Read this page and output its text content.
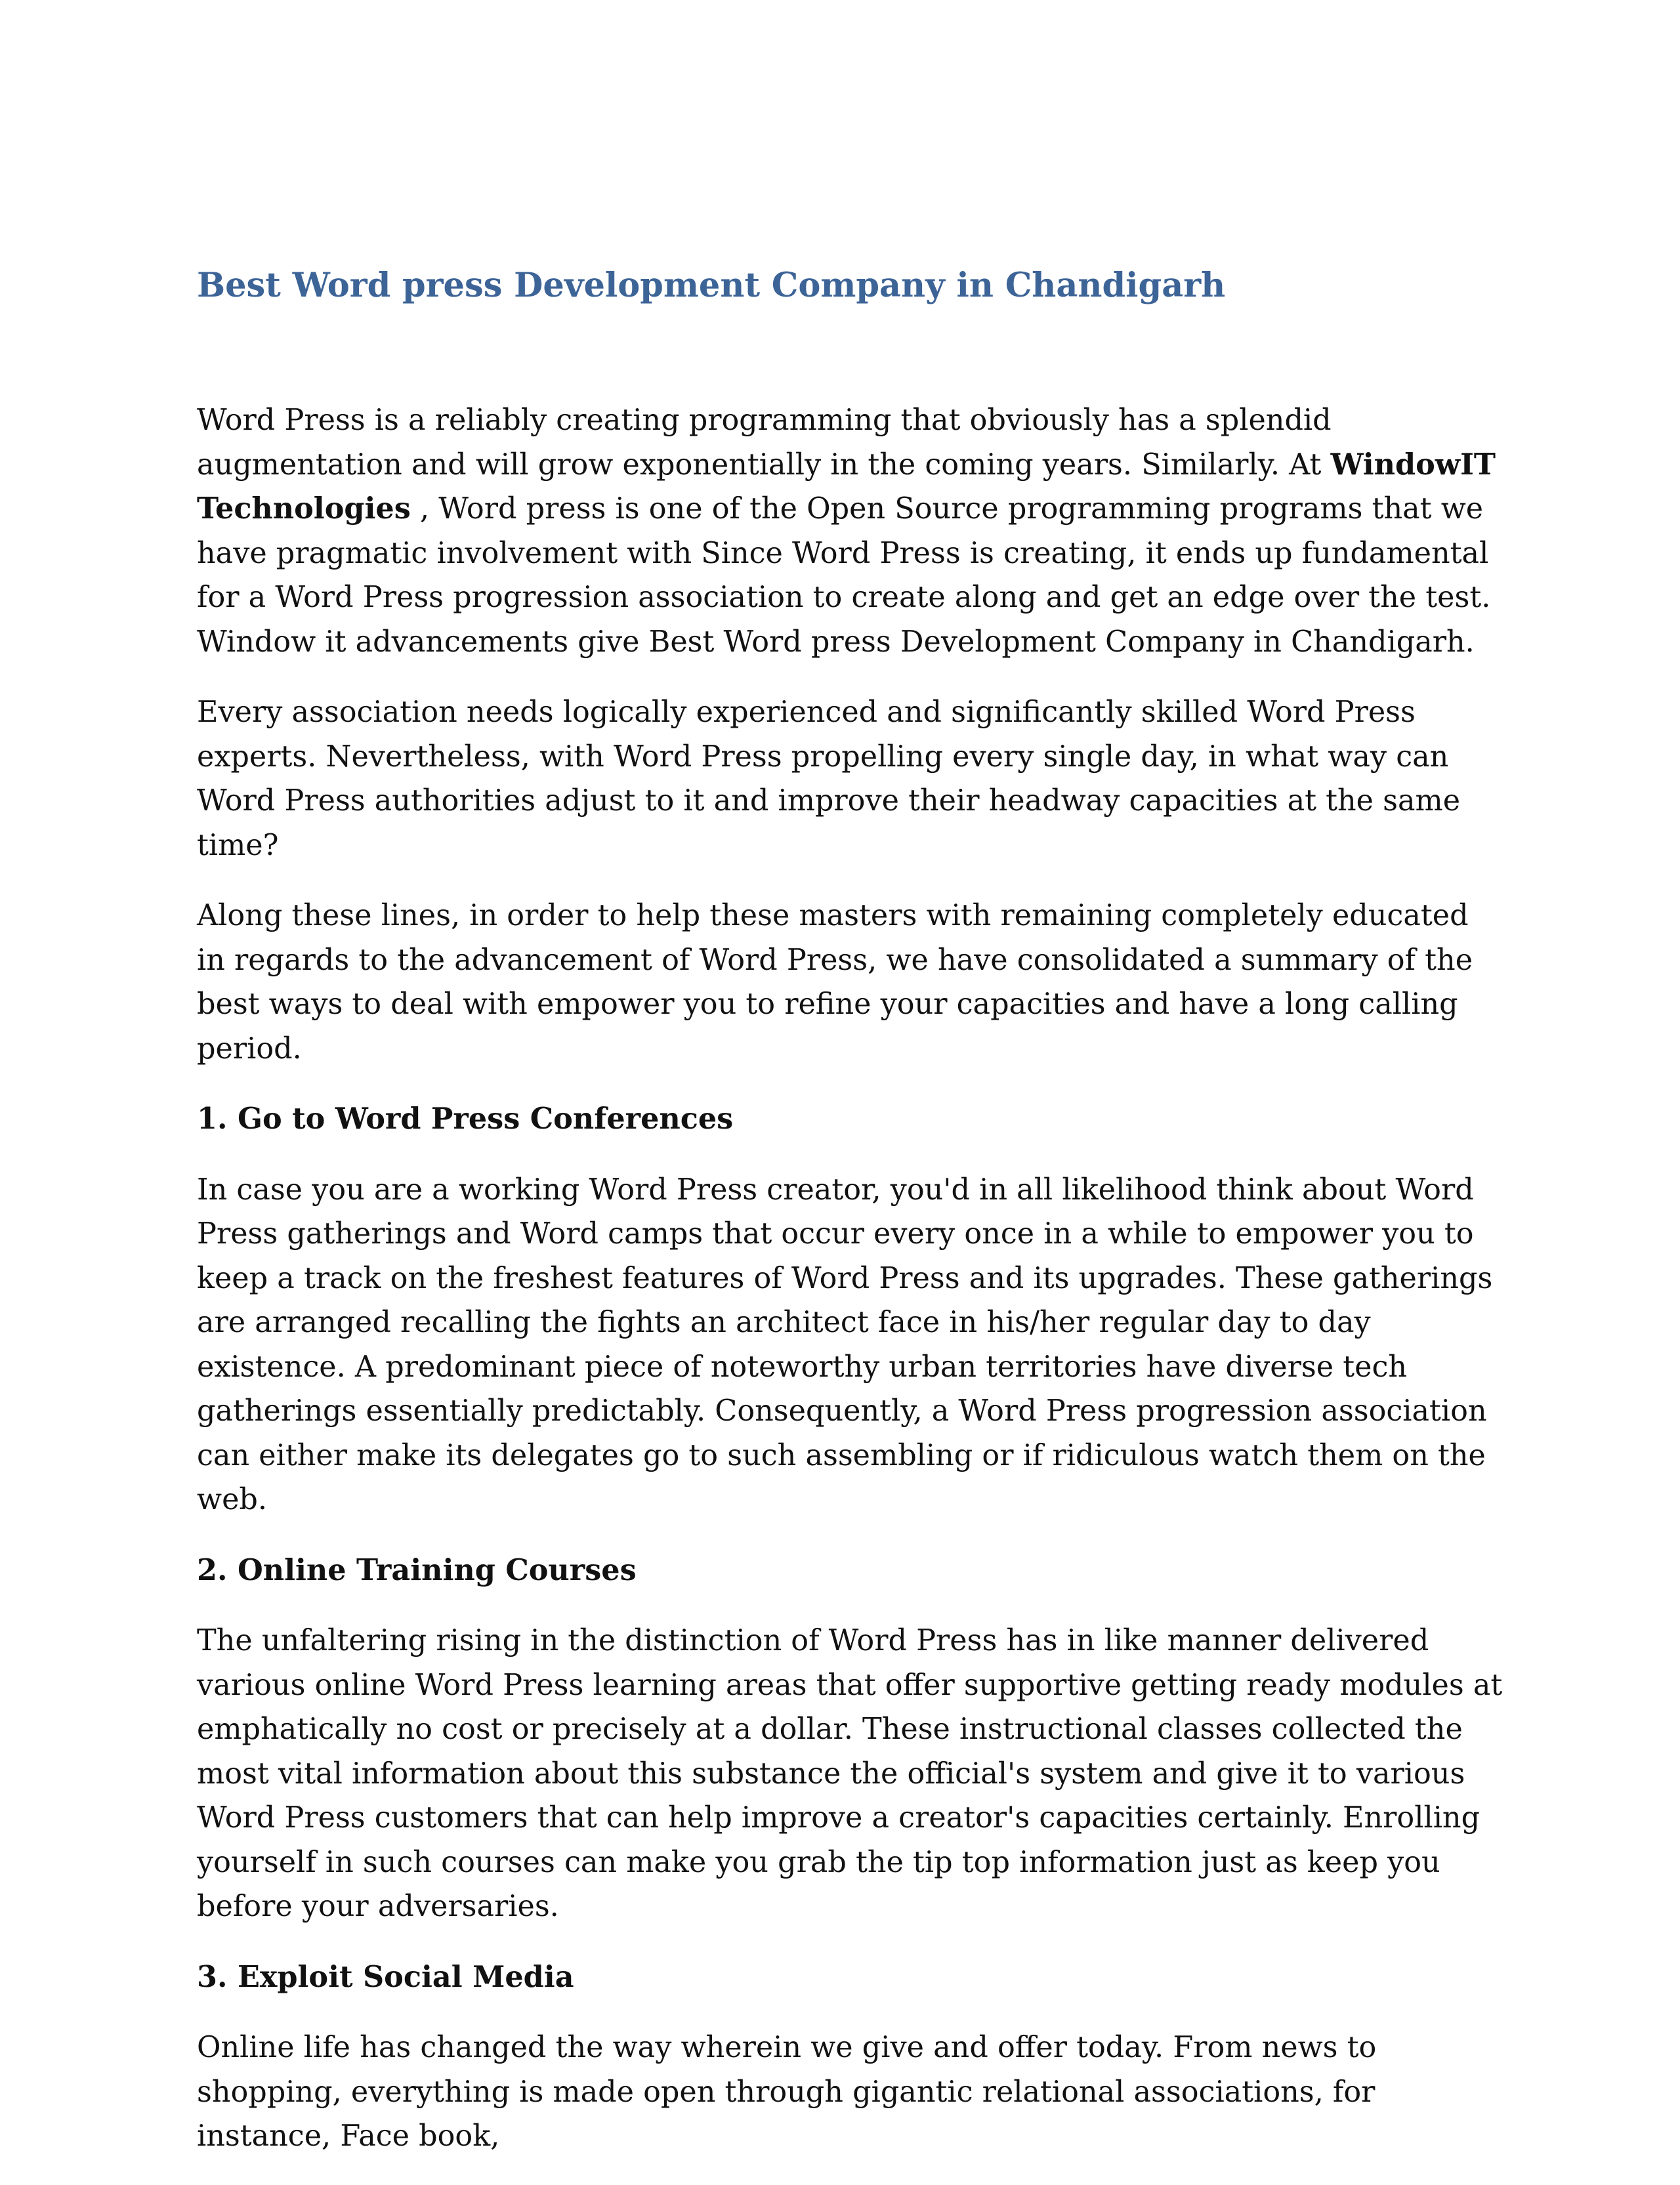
Best Word press Development Company in Chandigarh

Word Press is a reliably creating programming that obviously has a splendid augmentation and will grow exponentially in the coming years. Similarly. At WindowIT Technologies , Word press is one of the Open Source programming programs that we have pragmatic involvement with Since Word Press is creating, it ends up fundamental for a Word Press progression association to create along and get an edge over the test. Window it advancements give Best Word press Development Company in Chandigarh.

Every association needs logically experienced and significantly skilled Word Press experts. Nevertheless, with Word Press propelling every single day, in what way can Word Press authorities adjust to it and improve their headway capacities at the same time?

Along these lines, in order to help these masters with remaining completely educated in regards to the advancement of Word Press, we have consolidated a summary of the best ways to deal with empower you to refine your capacities and have a long calling period.

1. Go to Word Press Conferences

In case you are a working Word Press creator, you'd in all likelihood think about Word Press gatherings and Word camps that occur every once in a while to empower you to keep a track on the freshest features of Word Press and its upgrades. These gatherings are arranged recalling the fights an architect face in his/her regular day to day existence. A predominant piece of noteworthy urban territories have diverse tech gatherings essentially predictably. Consequently, a Word Press progression association can either make its delegates go to such assembling or if ridiculous watch them on the web.

2. Online Training Courses

The unfaltering rising in the distinction of Word Press has in like manner delivered various online Word Press learning areas that offer supportive getting ready modules at emphatically no cost or precisely at a dollar. These instructional classes collected the most vital information about this substance the official's system and give it to various Word Press customers that can help improve a creator's capacities certainly. Enrolling yourself in such courses can make you grab the tip top information just as keep you before your adversaries.

3. Exploit Social Media

Online life has changed the way wherein we give and offer today. From news to shopping, everything is made open through gigantic relational associations, for instance, Face book,
